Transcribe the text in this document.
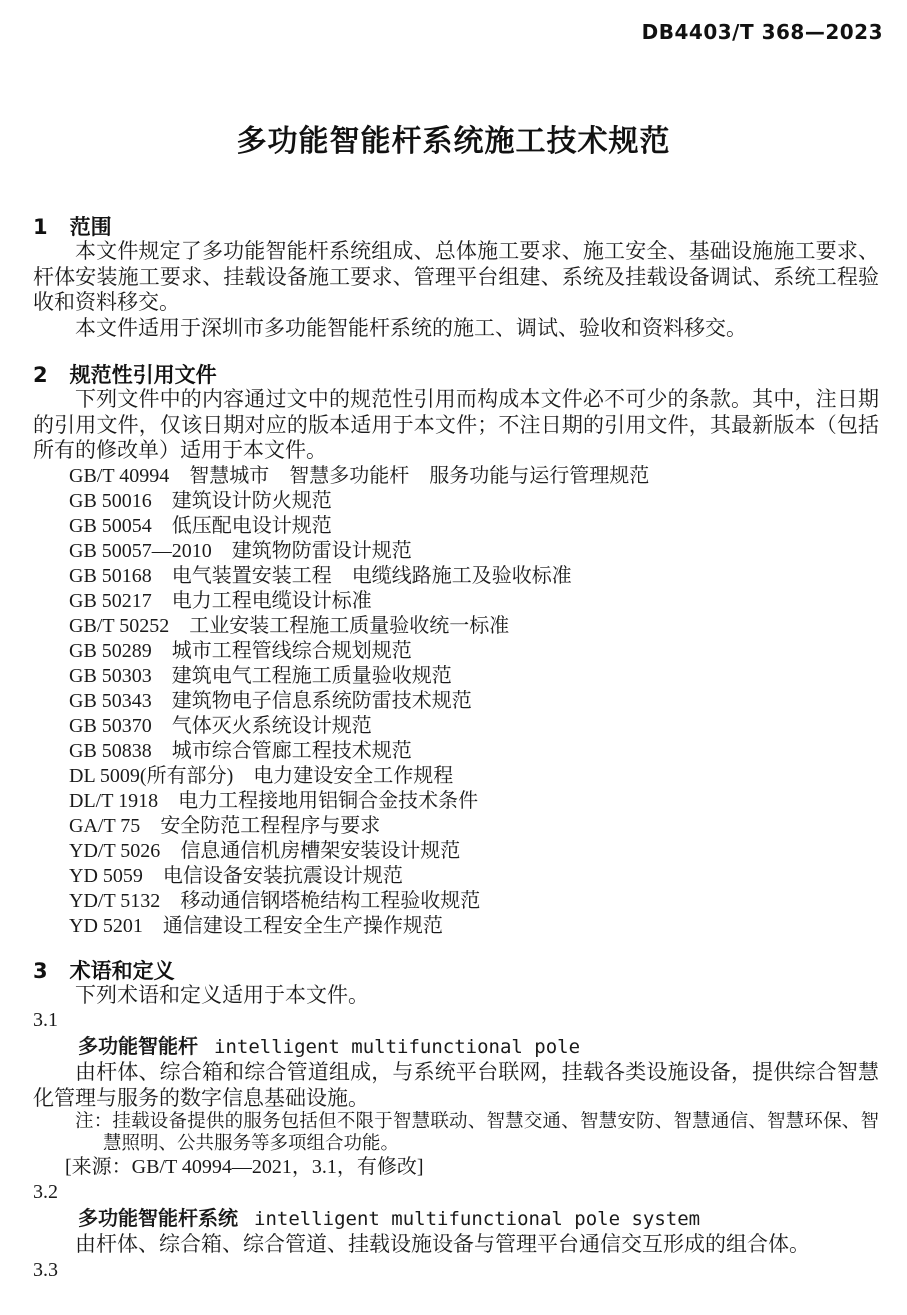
DB4403/T 368—2023
多功能智能杆系统施工技术规范
1 范围

本文件规定了多功能智能杆系统组成、总体施工要求、施工安全、基础设施施工要求、杆体安装施工要求、挂载设备施工要求、管理平台组建、系统及挂载设备调试、系统工程验收和资料移交。

本文件适用于深圳市多功能智能杆系统的施工、调试、验收和资料移交。

2 规范性引用文件

下列文件中的内容通过文中的规范性引用而构成本文件必不可少的条款。其中，注日期的引用文件，仅该日期对应的版本适用于本文件；不注日期的引用文件，其最新版本（包括所有的修改单）适用于本文件。

GB/T 40994 智慧城市　智慧多功能杆　服务功能与运行管理规范
GB 50016 建筑设计防火规范
GB 50054 低压配电设计规范
GB 50057—2010 建筑物防雷设计规范
GB 50168 电气装置安装工程　电缆线路施工及验收标准
GB 50217 电力工程电缆设计标准
GB/T 50252 工业安装工程施工质量验收统一标准
GB 50289 城市工程管线综合规划规范
GB 50303 建筑电气工程施工质量验收规范
GB 50343 建筑物电子信息系统防雷技术规范
GB 50370 气体灭火系统设计规范
GB 50838 城市综合管廊工程技术规范
DL 5009(所有部分) 电力建设安全工作规程
DL/T 1918 电力工程接地用铝铜合金技术条件
GA/T 75 安全防范工程程序与要求
YD/T 5026 信息通信机房槽架安装设计规范
YD 5059 电信设备安装抗震设计规范
YD/T 5132 移动通信钢塔桅结构工程验收规范
YD 5201 通信建设工程安全生产操作规范
3 术语和定义

下列术语和定义适用于本文件。

3.1
多功能智能杆 intelligent multifunctional pole

由杆体、综合箱和综合管道组成，与系统平台联网，挂载各类设施设备，提供综合智慧化管理与服务的数字信息基础设施。

注：挂载设备提供的服务包括但不限于智慧联动、智慧交通、智慧安防、智慧通信、智慧环保、智慧照明、公共服务等多项组合功能。
[来源：GB/T 40994—2021，3.1，有修改]
3.2
多功能智能杆系统 intelligent multifunctional pole system

由杆体、综合箱、综合管道、挂载设施设备与管理平台通信交互形成的组合体。

3.3
